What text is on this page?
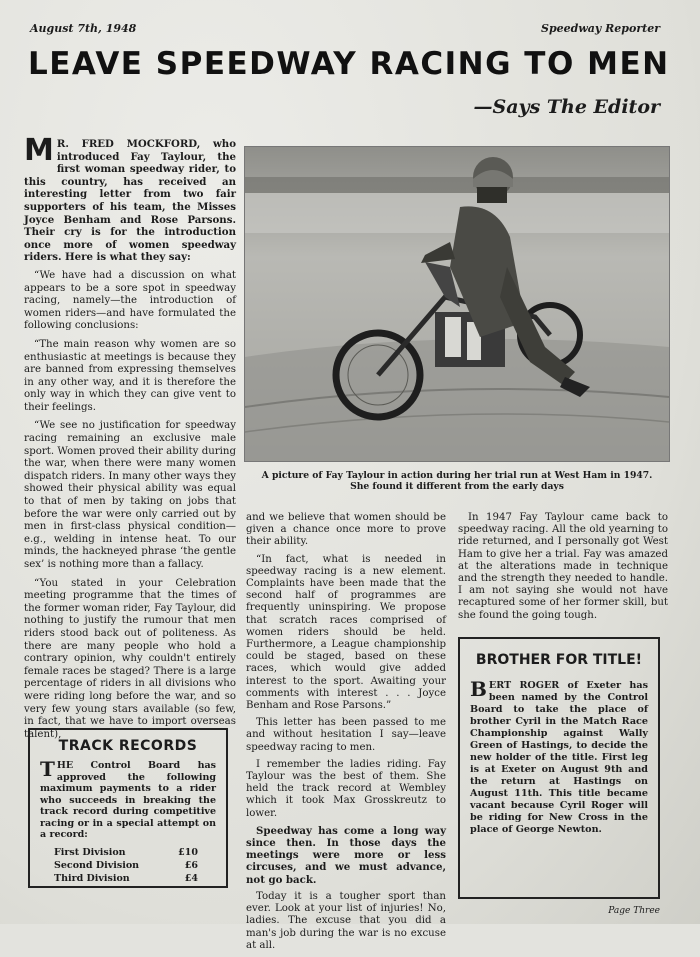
August 7th, 1948	Speedway Reporter
LEAVE SPEEDWAY RACING TO MEN
—Says The Editor

M R. FRED MOCKFORD, who introduced Fay Taylour, the first woman speedway rider, to this country, has received an interesting letter from two fair supporters of his team, the Misses Joyce Benham and Rose Parsons. Their cry is for the introduction once more of women speedway riders. Here is what they say:

“We have had a discussion on what appears to be a sore spot in speedway racing, namely—the introduction of women riders—and have formulated the following conclusions:

“The main reason why women are so enthusiastic at meetings is because they are banned from expressing themselves in any other way, and it is therefore the only way in which they can give vent to their feelings.

“We see no justification for speedway racing remaining an exclusive male sport. Women proved their ability during the war, when there were many women dispatch riders. In many other ways they showed their physical ability was equal to that of men by taking on jobs that before the war were only carried out by men in first-class physical condition—e.g., welding in intense heat. To our minds, the hackneyed phrase ‘the gentle sex’ is nothing more than a fallacy.

“You stated in your Celebration meeting programme that the times of the former woman rider, Fay Taylour, did nothing to justify the rumour that men riders stood back out of politeness. As there are many people who hold a contrary opinion, why couldn't entirely female races be staged? There is a large percentage of riders in all divisions who were riding long before the war, and so very few young stars available (so few, in fact, that we have to import overseas talent),

A picture of Fay Taylour in action during her trial run at West Ham in 1947. She found it different from the early days

and we believe that women should be given a chance once more to prove their ability.

“In fact, what is needed in speedway racing is a new element. Complaints have been made that the second half of programmes are frequently uninspiring. We propose that scratch races comprised of women riders should be held. Furthermore, a League championship could be staged, based on these races, which would give added interest to the sport. Awaiting your comments with interest . . . Joyce Benham and Rose Parsons.”

This letter has been passed to me and without hesitation I say—leave speedway racing to men.

I remember the ladies riding. Fay Taylour was the best of them. She held the track record at Wembley which it took Max Grosskreutz to lower.

Speedway has come a long way since then. In those days the meetings were more or less circuses, and we must advance, not go back.

Today it is a tougher sport than ever. Look at your list of injuries! No, ladies. The excuse that you did a man's job during the war is no excuse at all.

In 1947 Fay Taylour came back to speedway racing. All the old yearning to ride returned, and I personally got West Ham to give her a trial. Fay was amazed at the alterations made in technique and the strength they needed to handle. I am not saying she would not have recaptured some of her former skill, but she found the going tough.

TRACK RECORDS
THE Control Board has approved the following maximum payments to a rider who succeeds in breaking the track record during competitive racing or in a special attempt on a record:
First Division	£10
Second Division	£6
Third Division	£4
BROTHER FOR TITLE!
BERT ROGER of Exeter has been named by the Control Board to take the place of brother Cyril in the Match Race Championship against Wally Green of Hastings, to decide the new holder of the title. First leg is at Exeter on August 9th and the return at Hastings on August 11th. This title became vacant because Cyril Roger will be riding for New Cross in the place of George Newton.
Page Three
